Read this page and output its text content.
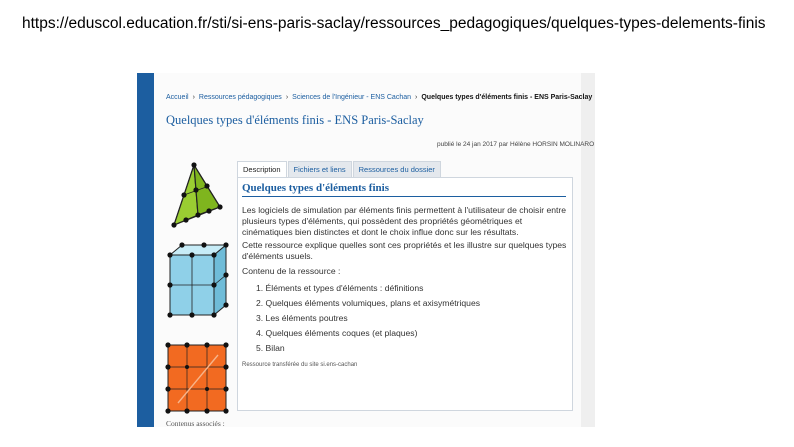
https://eduscol.education.fr/sti/si-ens-paris-saclay/ressources_pedagogiques/quelques-types-delements-finis

Accueil › Ressources pédagogiques › Sciences de l'Ingénieur - ENS Cachan › Quelques types d'éléments finis - ENS Paris-Saclay
Quelques types d'éléments finis - ENS Paris-Saclay
publié le 24 jan 2017 par Hélène HORSIN MOLINARO
Description	Fichiers et liens	Ressources du dossier
Quelques types d'éléments finis

Les logiciels de simulation par éléments finis permettent à l'utilisateur de choisir entre plusieurs types d'éléments, qui possèdent des propriétés géométriques et cinématiques bien distinctes et dont le choix influe donc sur les résultats.

Cette ressource explique quelles sont ces propriétés et les illustre sur quelques types d'éléments usuels.

Contenu de la ressource :

1. Éléments et types d'éléments : définitions
2. Quelques éléments volumiques, plans et axisymétriques
3. Les éléments poutres
4. Quelques éléments coques (et plaques)
5. Bilan
Ressource transférée du site si.ens-cachan
Contenus associés :
